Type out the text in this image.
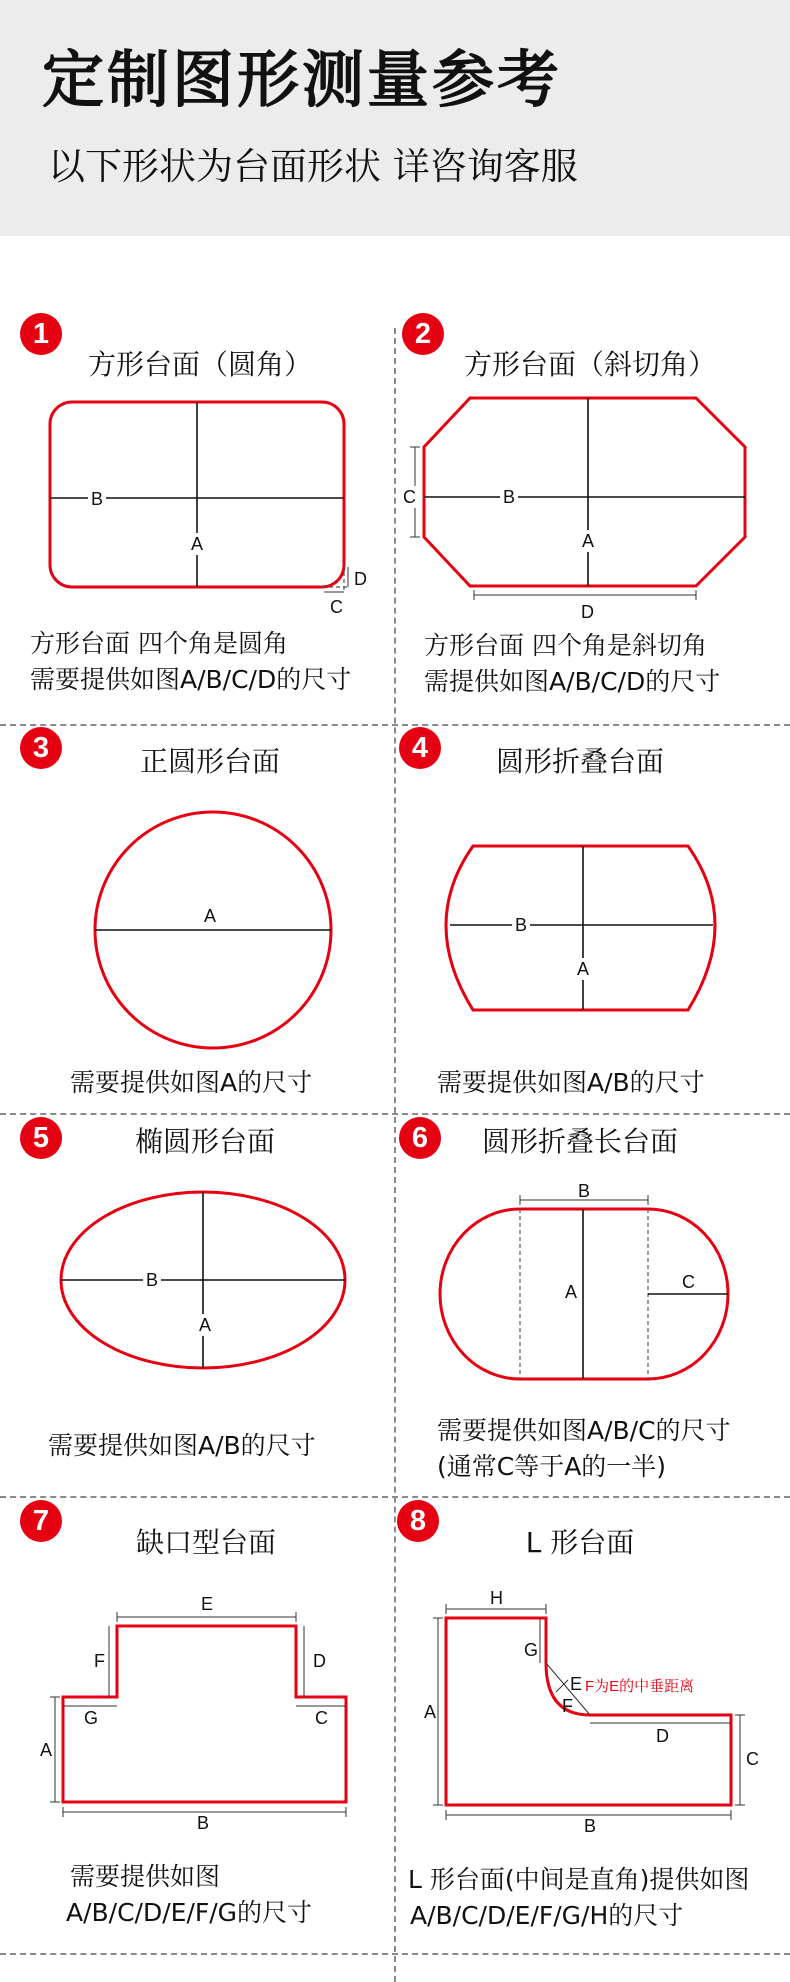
定制图形测量参考
以下形状为台面形状 详咨询客服
1
方形台面（圆角）
B
A
D
C
方形台面 四个角是圆角
需要提供如图A/B/C/D的尺寸
2
方形台面（斜切角）
C	B
A
D
方形台面 四个角是斜切角
需提供如图A/B/C/D的尺寸
3	正圆形台面
A
需要提供如图A的尺寸
4	圆形折叠台面
B
A
需要提供如图A/B的尺寸
5	椭圆形台面
B
A
需要提供如图A/B的尺寸
6	圆形折叠长台面
B
A	C
需要提供如图A/B/C的尺寸
(通常C等于A的一半)
7
缺口型台面
E
F	D
G	C
A
B
需要提供如图
A/B/C/D/E/F/G的尺寸
8
L 形台面
H
A
G
E
F
F为E的中垂距离
D
C
B
L 形台面(中间是直角)提供如图
A/B/C/D/E/F/G/H的尺寸
